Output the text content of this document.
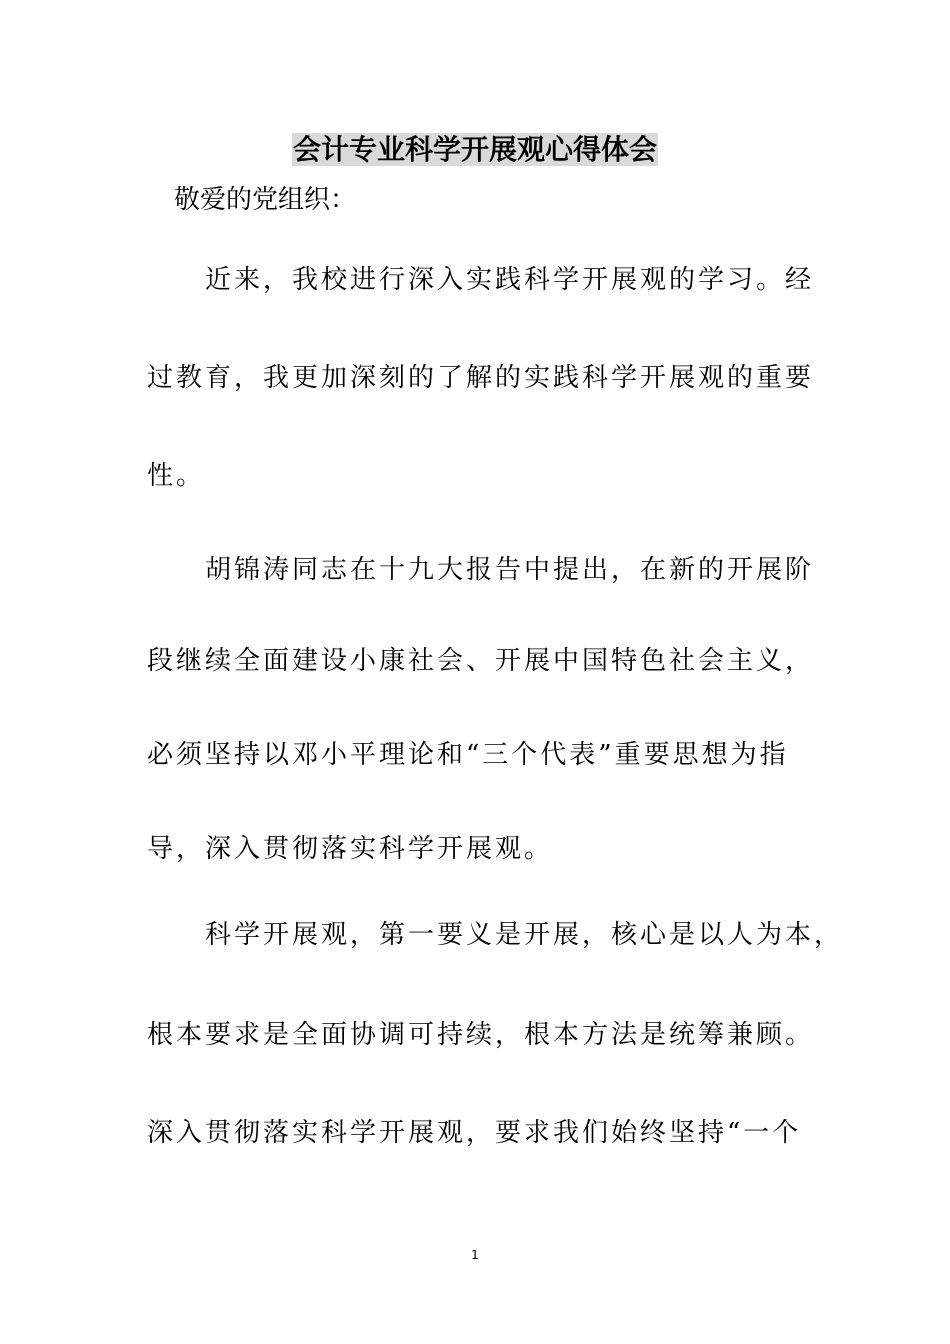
会计专业科学开展观心得体会
敬爱的党组织：
近来，我校进行深入实践科学开展观的学习。经
过教育，我更加深刻的了解的实践科学开展观的重要
性。
胡锦涛同志在十九大报告中提出，在新的开展阶
段继续全面建设小康社会、开展中国特色社会主义，
必须坚持以邓小平理论和“三个代表”重要思想为指
导，深入贯彻落实科学开展观。
科学开展观，第一要义是开展，核心是以人为本，
根本要求是全面协调可持续，根本方法是统筹兼顾。
深入贯彻落实科学开展观，要求我们始终坚持“一个
1
